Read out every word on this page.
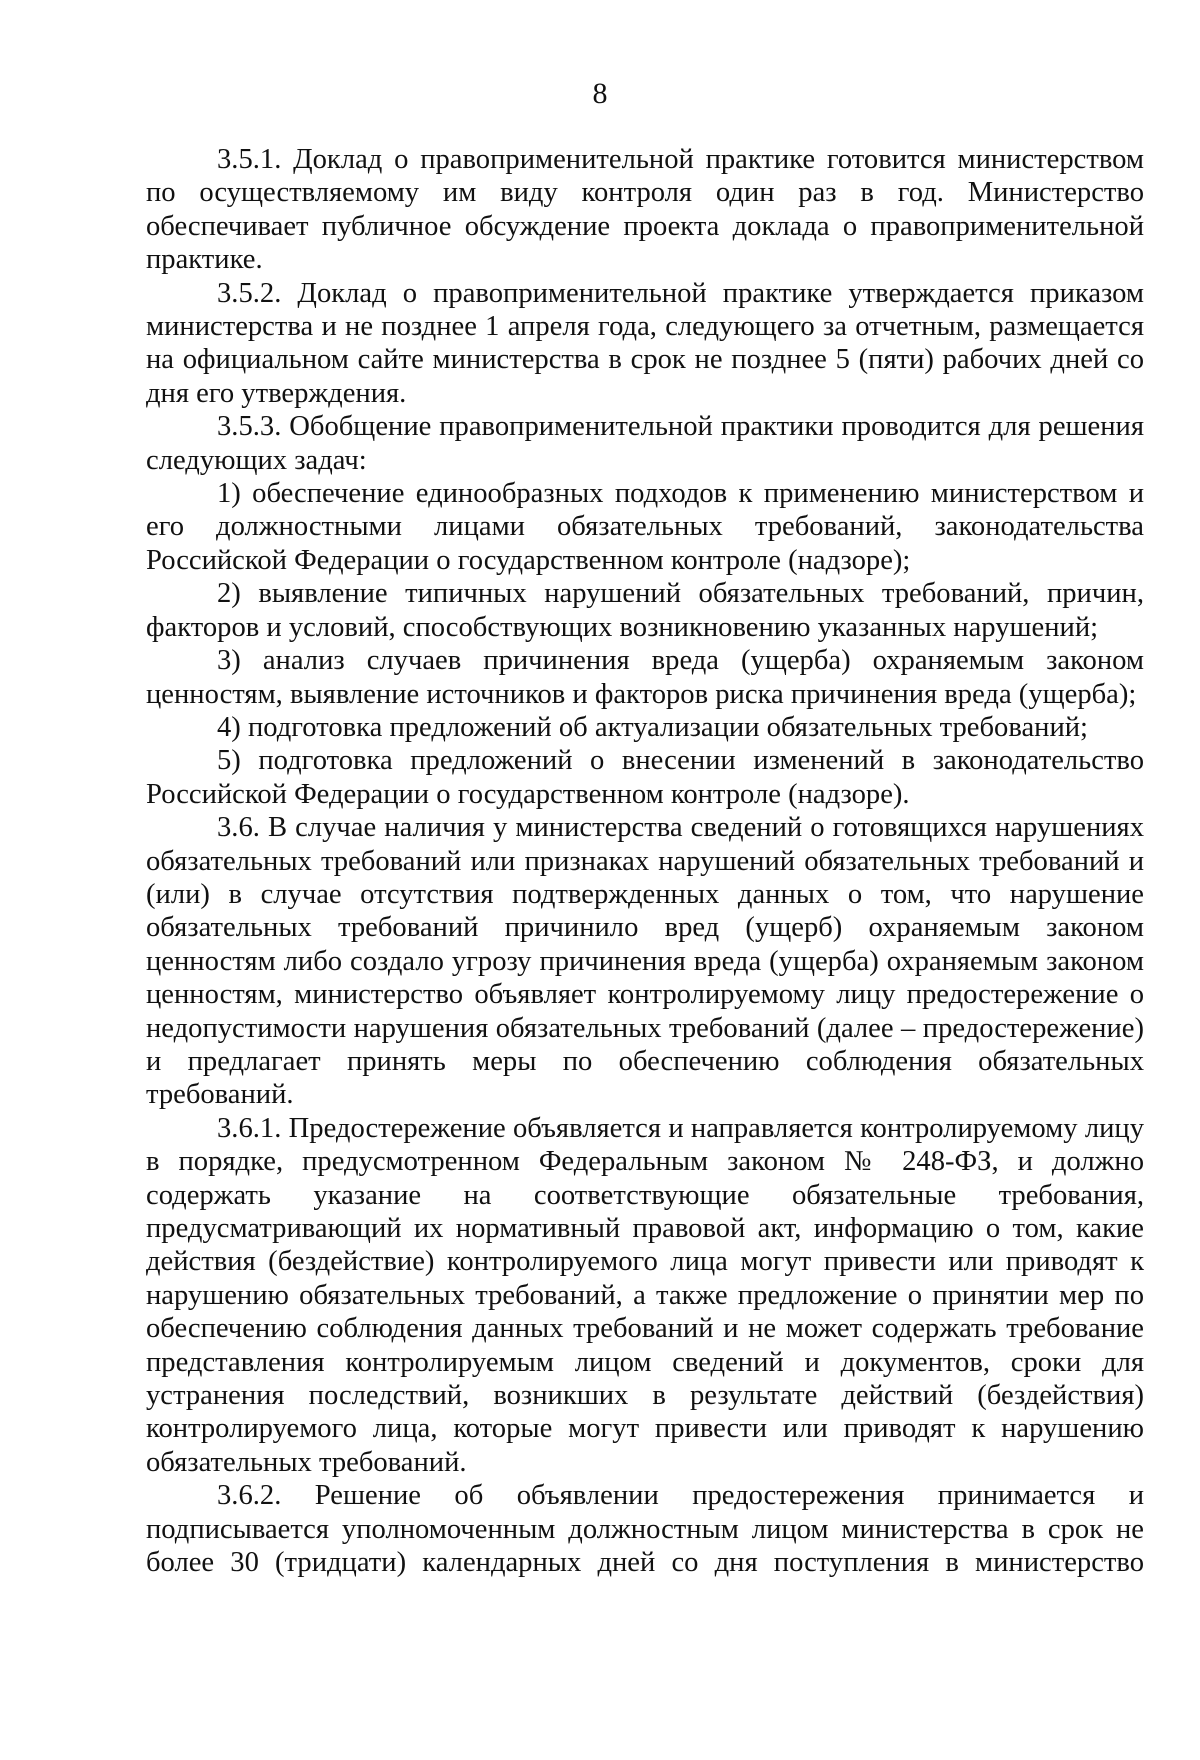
8

3.5.1. Доклад о правоприменительной практике готовится министерством по осуществляемому им виду контроля один раз в год. Министерство обеспечивает публичное обсуждение проекта доклада о правоприменительной практике.

3.5.2. Доклад о правоприменительной практике утверждается приказом министерства и не позднее 1 апреля года, следующего за отчетным, размещается на официальном сайте министерства в срок не позднее 5 (пяти) рабочих дней со дня его утверждения.

3.5.3. Обобщение правоприменительной практики проводится для решения следующих задач:

1) обеспечение единообразных подходов к применению министерством и его должностными лицами обязательных требований, законодательства Российской Федерации о государственном контроле (надзоре);

2) выявление типичных нарушений обязательных требований, причин, факторов и условий, способствующих возникновению указанных нарушений;

3) анализ случаев причинения вреда (ущерба) охраняемым законом ценностям, выявление источников и факторов риска причинения вреда (ущерба);

4) подготовка предложений об актуализации обязательных требований;

5) подготовка предложений о внесении изменений в законодательство Российской Федерации о государственном контроле (надзоре).

3.6. В случае наличия у министерства сведений о готовящихся нарушениях обязательных требований или признаках нарушений обязательных требований и (или) в случае отсутствия подтвержденных данных о том, что нарушение обязательных требований причинило вред (ущерб) охраняемым законом ценностям либо создало угрозу причинения вреда (ущерба) охраняемым законом ценностям, министерство объявляет контролируемому лицу предостережение о недопустимости нарушения обязательных требований (далее – предостережение) и предлагает принять меры по обеспечению соблюдения обязательных требований.

3.6.1. Предостережение объявляется и направляется контролируемому лицу в порядке, предусмотренном Федеральным законом № 248-ФЗ, и должно содержать указание на соответствующие обязательные требования, предусматривающий их нормативный правовой акт, информацию о том, какие действия (бездействие) контролируемого лица могут привести или приводят к нарушению обязательных требований, а также предложение о принятии мер по обеспечению соблюдения данных требований и не может содержать требование представления контролируемым лицом сведений и документов, сроки для устранения последствий, возникших в результате действий (бездействия) контролируемого лица, которые могут привести или приводят к нарушению обязательных требований.

3.6.2. Решение об объявлении предостережения принимается и подписывается уполномоченным должностным лицом министерства в срок не более 30 (тридцати) календарных дней со дня поступления в министерство
